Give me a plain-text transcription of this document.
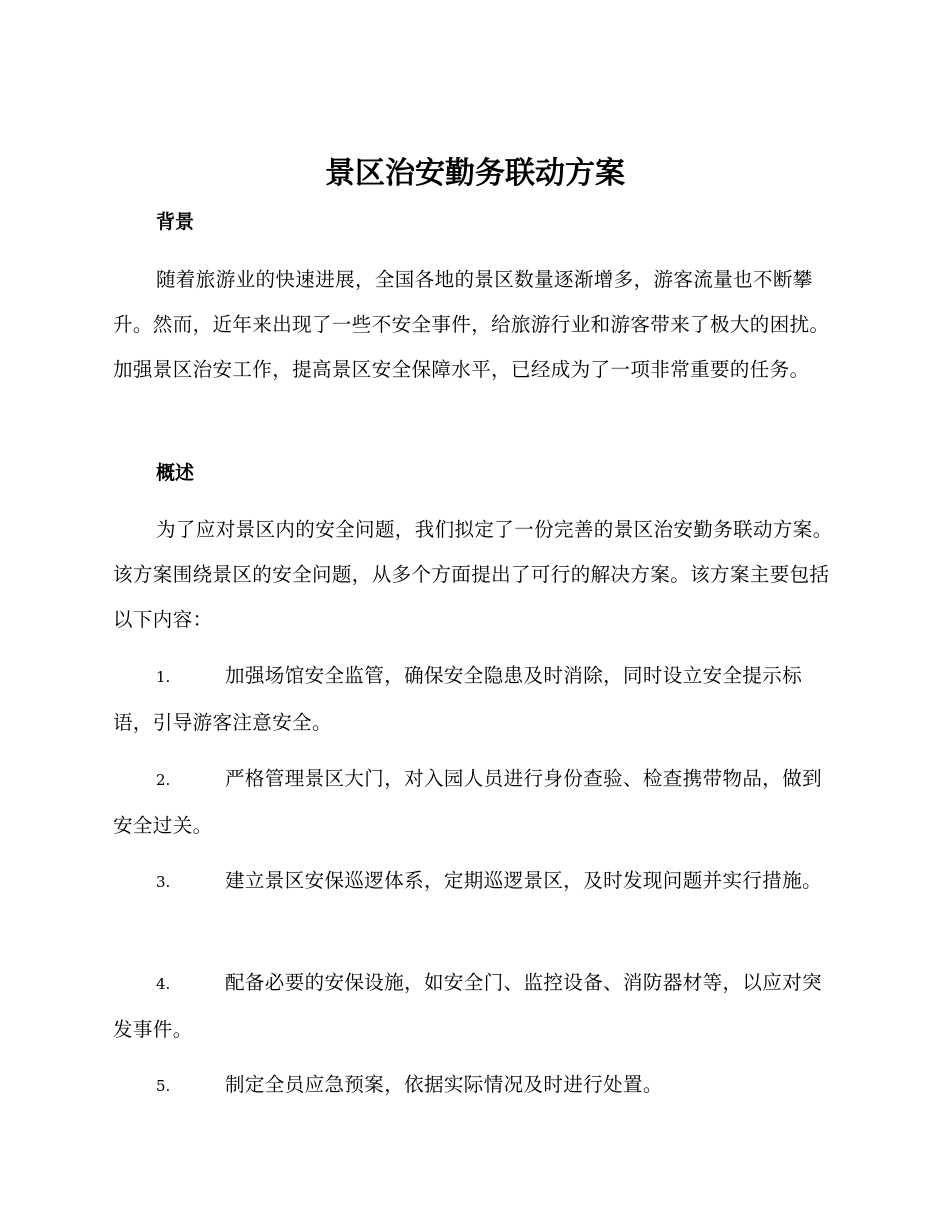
景区治安勤务联动方案
背景

随着旅游业的快速进展，全国各地的景区数量逐渐增多，游客流量也不断攀升。然而，近年来出现了一些不安全事件，给旅游行业和游客带来了极大的困扰。加强景区治安工作，提高景区安全保障水平，已经成为了一项非常重要的任务。

概述

为了应对景区内的安全问题，我们拟定了一份完善的景区治安勤务联动方案。该方案围绕景区的安全问题，从多个方面提出了可行的解决方案。该方案主要包括以下内容：

1.	加强场馆安全监管，确保安全隐患及时消除，同时设立安全提示标语，引导游客注意安全。
2.	严格管理景区大门，对入园人员进行身份查验、检查携带物品，做到安全过关。
3.	建立景区安保巡逻体系，定期巡逻景区，及时发现问题并实行措施。
4.	配备必要的安保设施，如安全门、监控设备、消防器材等，以应对突发事件。
5.	制定全员应急预案，依据实际情况及时进行处置。
